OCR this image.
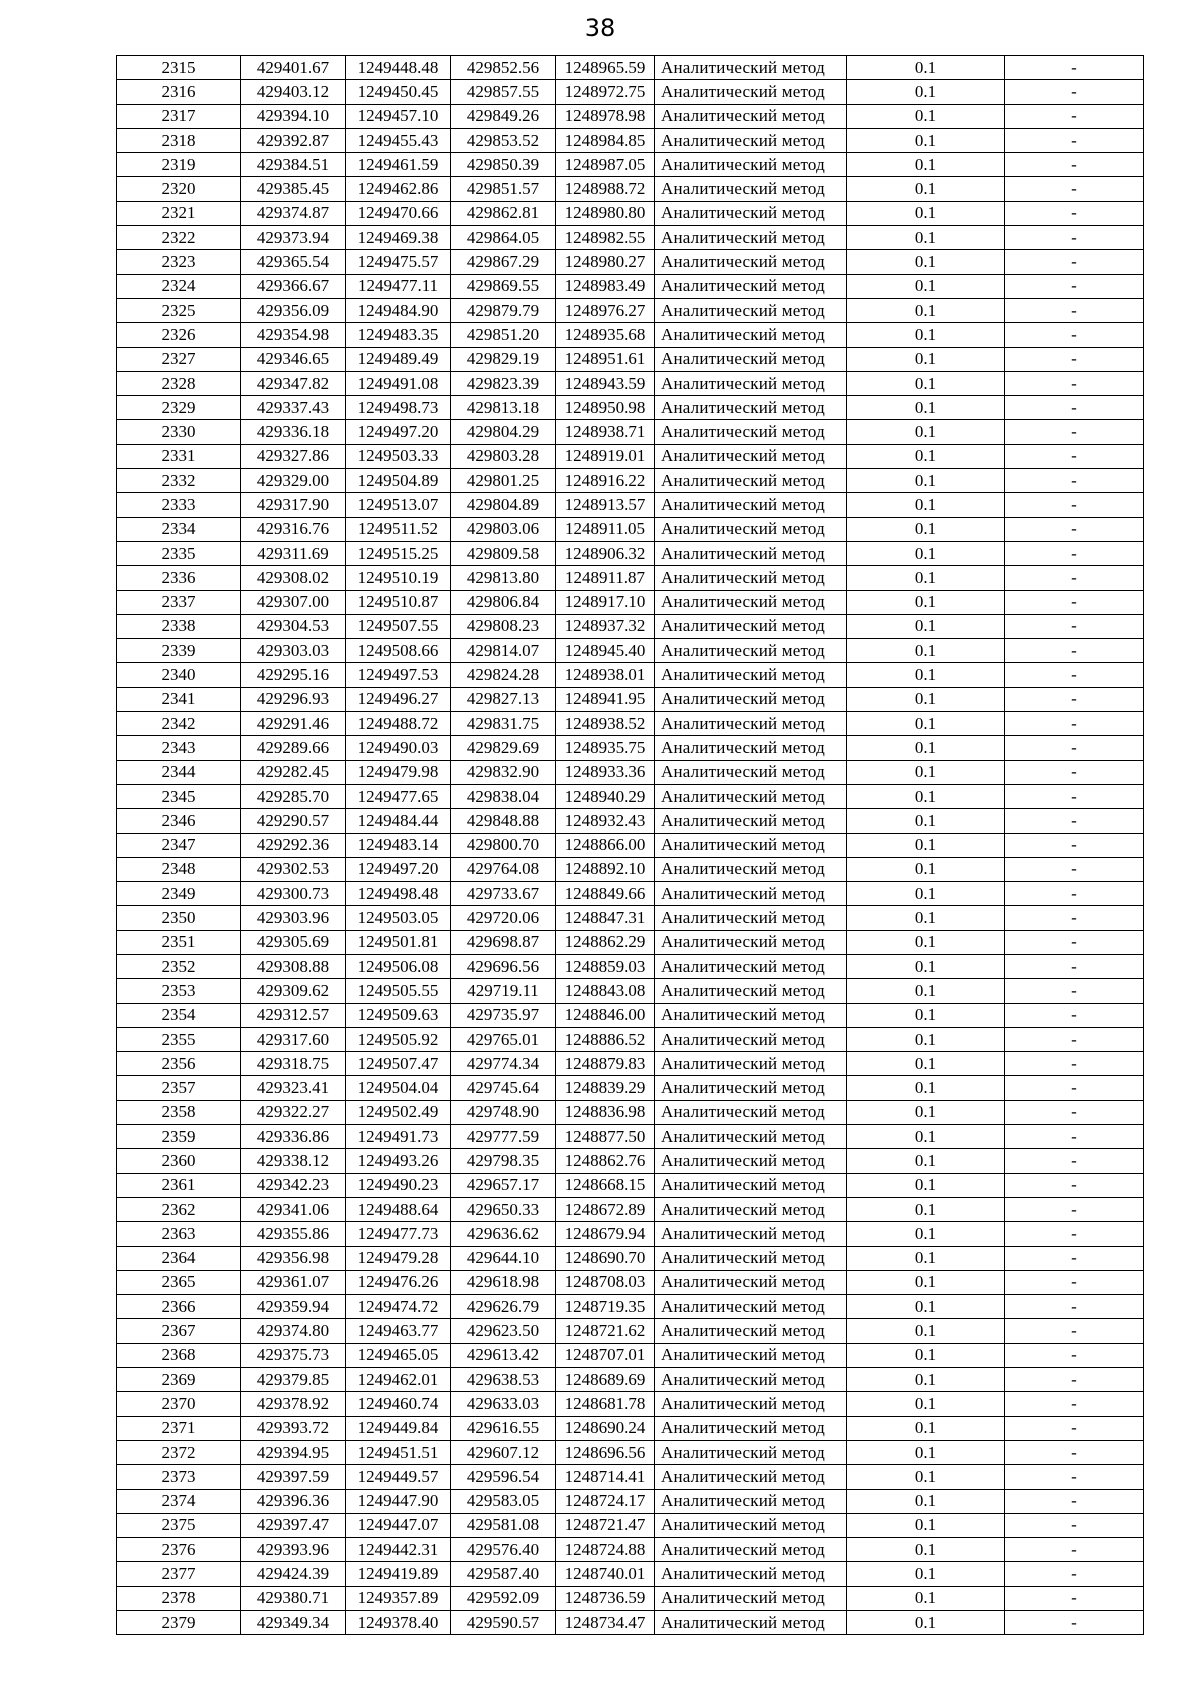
38
2315	429401.67	1249448.48	429852.56	1248965.59	Аналитический метод	0.1	-
2316	429403.12	1249450.45	429857.55	1248972.75	Аналитический метод	0.1	-
2317	429394.10	1249457.10	429849.26	1248978.98	Аналитический метод	0.1	-
2318	429392.87	1249455.43	429853.52	1248984.85	Аналитический метод	0.1	-
2319	429384.51	1249461.59	429850.39	1248987.05	Аналитический метод	0.1	-
2320	429385.45	1249462.86	429851.57	1248988.72	Аналитический метод	0.1	-
2321	429374.87	1249470.66	429862.81	1248980.80	Аналитический метод	0.1	-
2322	429373.94	1249469.38	429864.05	1248982.55	Аналитический метод	0.1	-
2323	429365.54	1249475.57	429867.29	1248980.27	Аналитический метод	0.1	-
2324	429366.67	1249477.11	429869.55	1248983.49	Аналитический метод	0.1	-
2325	429356.09	1249484.90	429879.79	1248976.27	Аналитический метод	0.1	-
2326	429354.98	1249483.35	429851.20	1248935.68	Аналитический метод	0.1	-
2327	429346.65	1249489.49	429829.19	1248951.61	Аналитический метод	0.1	-
2328	429347.82	1249491.08	429823.39	1248943.59	Аналитический метод	0.1	-
2329	429337.43	1249498.73	429813.18	1248950.98	Аналитический метод	0.1	-
2330	429336.18	1249497.20	429804.29	1248938.71	Аналитический метод	0.1	-
2331	429327.86	1249503.33	429803.28	1248919.01	Аналитический метод	0.1	-
2332	429329.00	1249504.89	429801.25	1248916.22	Аналитический метод	0.1	-
2333	429317.90	1249513.07	429804.89	1248913.57	Аналитический метод	0.1	-
2334	429316.76	1249511.52	429803.06	1248911.05	Аналитический метод	0.1	-
2335	429311.69	1249515.25	429809.58	1248906.32	Аналитический метод	0.1	-
2336	429308.02	1249510.19	429813.80	1248911.87	Аналитический метод	0.1	-
2337	429307.00	1249510.87	429806.84	1248917.10	Аналитический метод	0.1	-
2338	429304.53	1249507.55	429808.23	1248937.32	Аналитический метод	0.1	-
2339	429303.03	1249508.66	429814.07	1248945.40	Аналитический метод	0.1	-
2340	429295.16	1249497.53	429824.28	1248938.01	Аналитический метод	0.1	-
2341	429296.93	1249496.27	429827.13	1248941.95	Аналитический метод	0.1	-
2342	429291.46	1249488.72	429831.75	1248938.52	Аналитический метод	0.1	-
2343	429289.66	1249490.03	429829.69	1248935.75	Аналитический метод	0.1	-
2344	429282.45	1249479.98	429832.90	1248933.36	Аналитический метод	0.1	-
2345	429285.70	1249477.65	429838.04	1248940.29	Аналитический метод	0.1	-
2346	429290.57	1249484.44	429848.88	1248932.43	Аналитический метод	0.1	-
2347	429292.36	1249483.14	429800.70	1248866.00	Аналитический метод	0.1	-
2348	429302.53	1249497.20	429764.08	1248892.10	Аналитический метод	0.1	-
2349	429300.73	1249498.48	429733.67	1248849.66	Аналитический метод	0.1	-
2350	429303.96	1249503.05	429720.06	1248847.31	Аналитический метод	0.1	-
2351	429305.69	1249501.81	429698.87	1248862.29	Аналитический метод	0.1	-
2352	429308.88	1249506.08	429696.56	1248859.03	Аналитический метод	0.1	-
2353	429309.62	1249505.55	429719.11	1248843.08	Аналитический метод	0.1	-
2354	429312.57	1249509.63	429735.97	1248846.00	Аналитический метод	0.1	-
2355	429317.60	1249505.92	429765.01	1248886.52	Аналитический метод	0.1	-
2356	429318.75	1249507.47	429774.34	1248879.83	Аналитический метод	0.1	-
2357	429323.41	1249504.04	429745.64	1248839.29	Аналитический метод	0.1	-
2358	429322.27	1249502.49	429748.90	1248836.98	Аналитический метод	0.1	-
2359	429336.86	1249491.73	429777.59	1248877.50	Аналитический метод	0.1	-
2360	429338.12	1249493.26	429798.35	1248862.76	Аналитический метод	0.1	-
2361	429342.23	1249490.23	429657.17	1248668.15	Аналитический метод	0.1	-
2362	429341.06	1249488.64	429650.33	1248672.89	Аналитический метод	0.1	-
2363	429355.86	1249477.73	429636.62	1248679.94	Аналитический метод	0.1	-
2364	429356.98	1249479.28	429644.10	1248690.70	Аналитический метод	0.1	-
2365	429361.07	1249476.26	429618.98	1248708.03	Аналитический метод	0.1	-
2366	429359.94	1249474.72	429626.79	1248719.35	Аналитический метод	0.1	-
2367	429374.80	1249463.77	429623.50	1248721.62	Аналитический метод	0.1	-
2368	429375.73	1249465.05	429613.42	1248707.01	Аналитический метод	0.1	-
2369	429379.85	1249462.01	429638.53	1248689.69	Аналитический метод	0.1	-
2370	429378.92	1249460.74	429633.03	1248681.78	Аналитический метод	0.1	-
2371	429393.72	1249449.84	429616.55	1248690.24	Аналитический метод	0.1	-
2372	429394.95	1249451.51	429607.12	1248696.56	Аналитический метод	0.1	-
2373	429397.59	1249449.57	429596.54	1248714.41	Аналитический метод	0.1	-
2374	429396.36	1249447.90	429583.05	1248724.17	Аналитический метод	0.1	-
2375	429397.47	1249447.07	429581.08	1248721.47	Аналитический метод	0.1	-
2376	429393.96	1249442.31	429576.40	1248724.88	Аналитический метод	0.1	-
2377	429424.39	1249419.89	429587.40	1248740.01	Аналитический метод	0.1	-
2378	429380.71	1249357.89	429592.09	1248736.59	Аналитический метод	0.1	-
2379	429349.34	1249378.40	429590.57	1248734.47	Аналитический метод	0.1	-
